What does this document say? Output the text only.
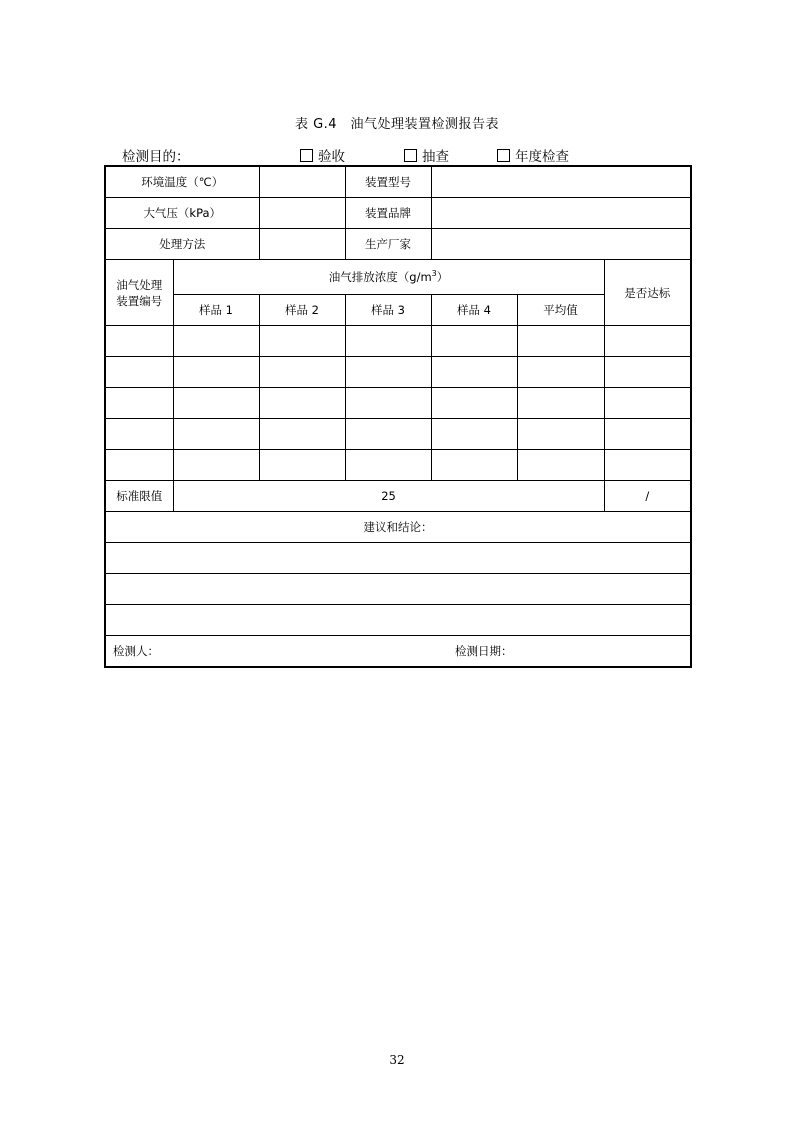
表 G.4　油气处理装置检测报告表
检测目的：	验收	抽查	年度检查
环境温度（℃）			装置型号			
大气压（kPa）			装置品牌			
处理方法			生产厂家			
油气处理
装置编号	油气排放浓度$(g/m^3)$					是否达标
	样品 1	样品 2	样品 3	样品 4	平均值	

标准限值	25					/
建议和结论：						

检测人： 检测日期：						
32
